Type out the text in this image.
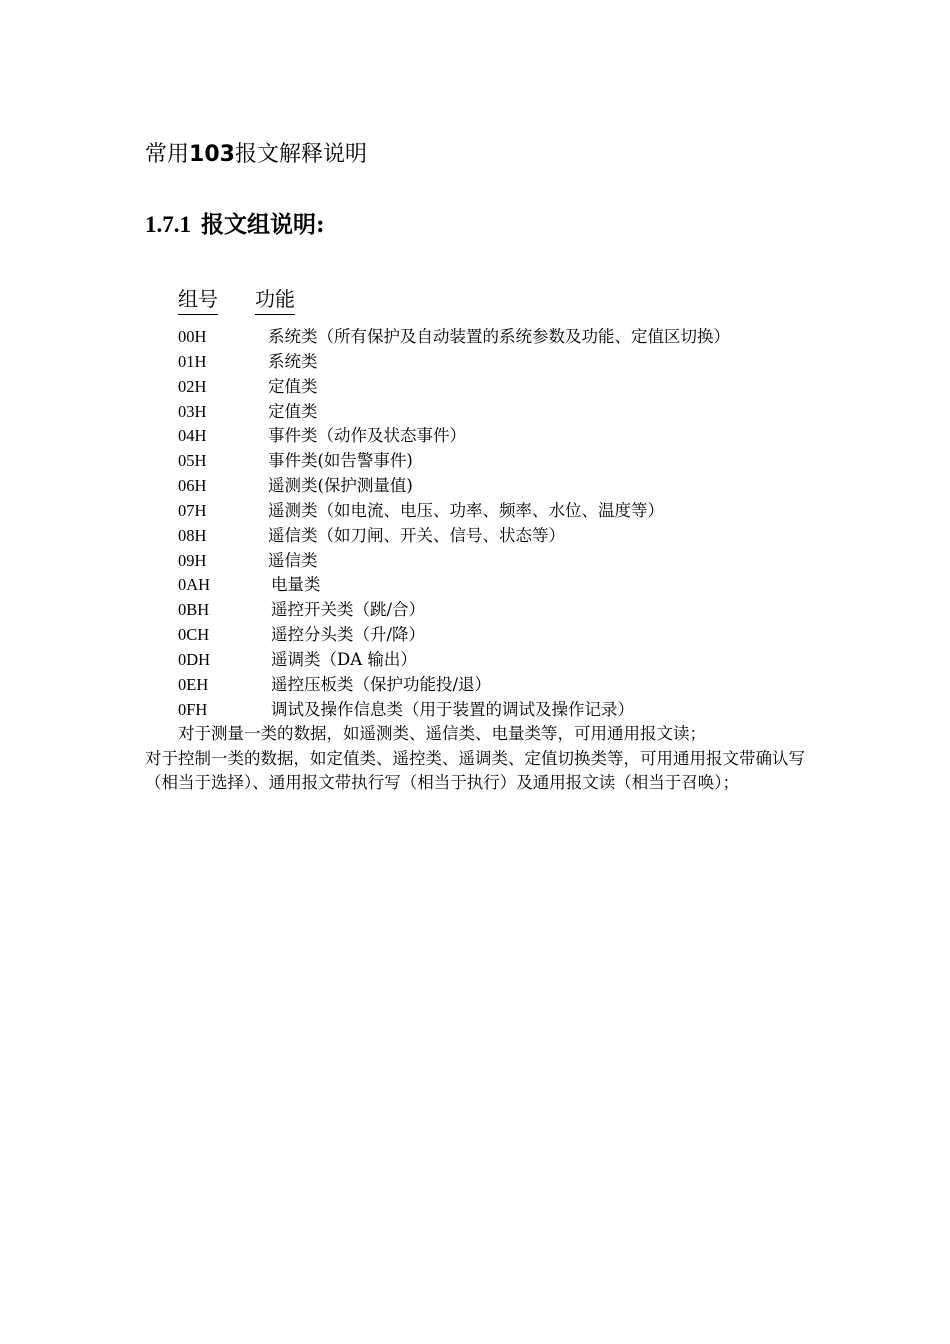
常用103报文解释说明
1.7.1 报文组说明:
组号 功能
00H	系统类（所有保护及自动装置的系统参数及功能、定值区切换）
01H	系统类
02H	定值类
03H	定值类
04H	事件类（动作及状态事件）
05H	事件类(如告警事件)
06H	遥测类(保护测量值)
07H	遥测类（如电流、电压、功率、频率、水位、温度等）
08H	遥信类（如刀闸、开关、信号、状态等）
09H	遥信类
0AH	电量类
0BH	遥控开关类（跳/合）
0CH	遥控分头类（升/降）
0DH	遥调类（DA 输出）
0EH	遥控压板类（保护功能投/退）
0FH	调试及操作信息类（用于装置的调试及操作记录）

对于测量一类的数据，如遥测类、遥信类、电量类等，可用通用报文读；

对于控制一类的数据，如定值类、遥控类、遥调类、定值切换类等，可用通用报文带确认写（相当于选择）、通用报文带执行写（相当于执行）及通用报文读（相当于召唤）；
